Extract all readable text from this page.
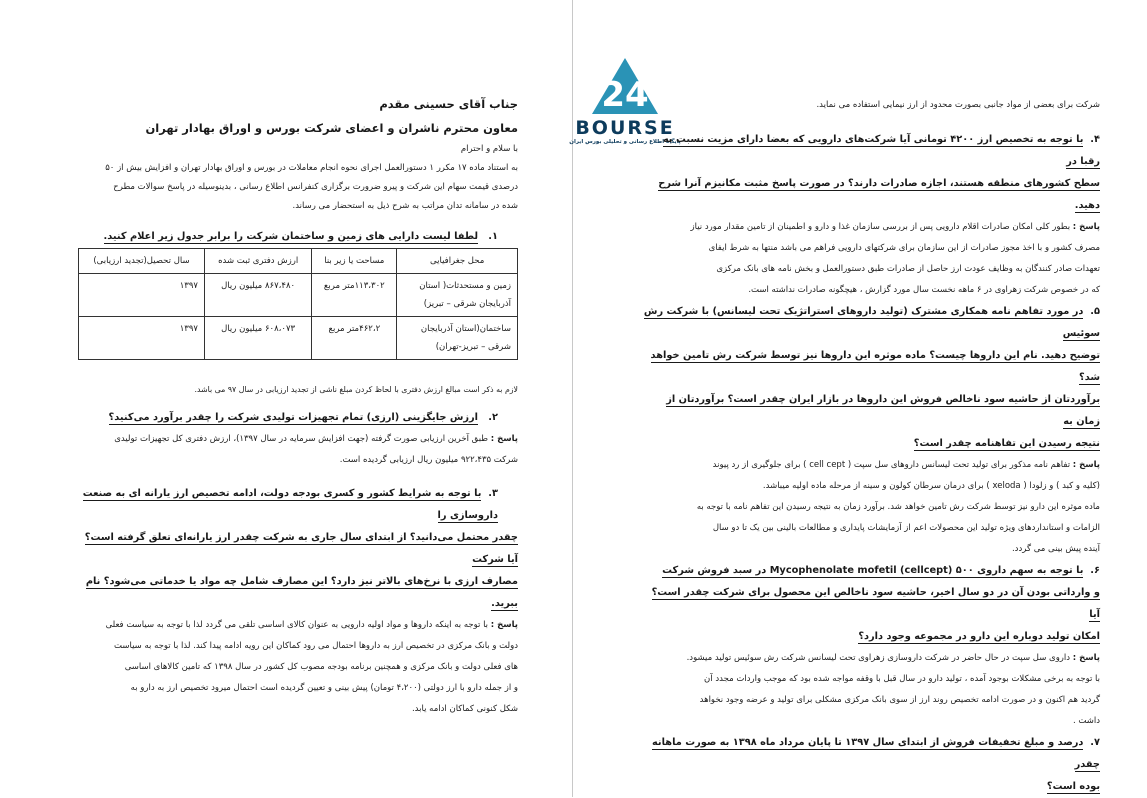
24
BOURSE
پایگاه اطلاع رسانی و تحلیلی بورس ایران
جناب آقای حسینی مقدم
معاون محترم ناشران و اعضای شرکت بورس و اوراق بهادار تهران
با سلام و احترام
به استناد ماده ۱۷ مکرر ۱ دستورالعمل اجرای نحوه انجام معاملات در بورس و اوراق بهادار تهران و افزایش بیش از ۵۰
درصدی قیمت سهام این شرکت و پیرو ضرورت برگزاری کنفرانس اطلاع رسانی ، بدینوسیله در پاسخ سوالات مطرح
شده در سامانه تدان مراتب به شرح ذیل به استحضار می رساند.
۱.   لطفا لیست دارایی های زمین و ساختمان شرکت را برابر جدول زیر اعلام کنید.
محل جغرافیایی	مساحت یا زیر بنا	ارزش دفتری ثبت شده	سال تحصیل(تجدید ارزیابی)

زمین و مستحدثات( استان
آذربایجان شرقی – تبریز)	۱۱۳،۳۰۲متر مربع	۸۶۷،۴۸۰ میلیون ریال	۱۳۹۷

ساختمان(استان آذربایجان
شرقی – تبریز-تهران)	۴۶۲،۲متر مربع	۶۰۸،۰۷۳ میلیون ریال	۱۳۹۷
لازم به ذکر است مبالغ ارزش دفتری با لحاظ کردن مبلغ ناشی از تجدید ارزیابی در سال ۹۷ می باشد.
۲.   ارزش جایگزینی (ارزی) تمام تجهیزات تولیدی شرکت را چقدر برآورد می‌کنید؟
پاسخ : طبق آخرین ارزیابی صورت گرفته (جهت افزایش سرمایه در سال ۱۳۹۷)، ارزش دفتری کل تجهیزات تولیدی
شرکت ۹۲۲،۴۳۵ میلیون ریال ارزیابی گردیده است.
۳.  با توجه به شرایط کشور و کسری بودجه دولت، ادامه تخصیص ارز یارانه ای به صنعت داروسازی را
چقدر محتمل می‌دانید؟ از ابتدای سال جاری به شرکت چقدر ارز یارانه‌ای تعلق گرفته است؟ آیا شرکت
مصارف ارزی با نرخ‌های بالاتر نیز دارد؟ این مصارف شامل چه مواد یا خدماتی می‌شود؟ نام ببرید.
پاسخ : با توجه به اینکه داروها و مواد اولیه دارویی به عنوان کالای اساسی تلقی می گردد لذا با توجه به سیاست فعلی
دولت و بانک مرکزی در تخصیص ارز به داروها احتمال می رود کماکان این رویه ادامه پیدا کند. لذا با توجه به سیاست
های فعلی دولت و بانک مرکزی و همچنین برنامه بودجه مصوب کل کشور در سال ۱۳۹۸ که تامین کالاهای اساسی
و از جمله دارو با ارز دولتی (۴،۲۰۰ تومان) پیش بینی و تعیین گردیده است احتمال میرود تخصیص ارز به دارو به
شکل کنونی کماکان ادامه یابد.
شرکت برای بعضی از مواد جانبی بصورت محدود از ارز نیمایی استفاده می نماید.
۴.  با توجه به تخصیص ارز ۴۲۰۰ تومانی آیا شرکت‌های دارویی که بعضا دارای مزیت نسبت به رقبا در
سطح کشورهای منطقه هستند، اجازه صادرات دارند؟ در صورت پاسخ مثبت مکانیزم آنرا شرح
دهید.
پاسخ : بطور کلی امکان صادرات اقلام دارویی پس از بررسی سازمان غذا و دارو و اطمینان از تامین مقدار مورد نیاز
مصرف کشور و با اخذ مجوز صادرات از این سازمان برای شرکتهای دارویی فراهم می باشد منتها به شرط ایفای
تعهدات صادر کنندگان به وظایف عودت ارز حاصل از صادرات طبق دستورالعمل و بخش نامه های بانک مرکزی
که در خصوص شرکت زهراوی در ۶ ماهه نخست سال مورد گزارش ، هیچگونه صادرات نداشته است.
۵.  در مورد تفاهم نامه همکاری مشترک (تولید داروهای استراتژیک تحت لیسانس) با شرکت رش سوئیس
توضیح دهید. نام این داروها چیست؟ ماده موثره این داروها نیز توسط شرکت رش تامین خواهد شد؟
برآوردتان از حاشیه سود ناخالص فروش این داروها در بازار ایران چقدر است؟ برآوردتان از زمان به
نتیجه رسیدن این تفاهنامه چقدر است؟
پاسخ : تفاهم نامه مذکور برای تولید تحت لیسانس داروهای سل سپت ( cell cept ) برای جلوگیری از رد پیوند
(کلیه و کبد ) و زلودا ( xeloda ) برای درمان سرطان کولون و سینه از مرحله ماده اولیه میباشد.
ماده موثره این دارو نیز توسط شرکت رش تامین خواهد شد. برآورد زمان به نتیجه رسیدن این تفاهم نامه با توجه به
الزامات و استانداردهای ویژه تولید این محصولات اعم از آزمایشات پایداری و مطالعات بالینی بین یک تا دو سال
آینده پیش بینی می گردد.
۶.  با توجه به سهم داروی ۵۰۰ Mycophenolate mofetil (cellcept) در سبد فروش شرکت
و وارداتی بودن آن در دو سال اخیر، حاشیه سود ناخالص این محصول برای شرکت چقدر است؟ آیا
امکان تولید دوباره این دارو در مجموعه وجود دارد؟
پاسخ : داروی سل سپت در حال حاضر در شرکت داروسازی زهراوی تحت لیسانس شرکت رش سوئیس تولید میشود.
با توجه به برخی مشکلات بوجود آمده ، تولید دارو در سال قبل با وقفه مواجه شده بود که موجب واردات مجدد آن
گردید هم اکنون و در صورت ادامه تخصیص روند ارز از سوی بانک مرکزی مشکلی برای تولید و عرضه وجود نخواهد
داشت .
۷.  درصد و مبلغ تخفیفات فروش از ابتدای سال ۱۳۹۷ تا پایان مرداد ماه ۱۳۹۸ به صورت ماهانه چقدر
بوده است؟
